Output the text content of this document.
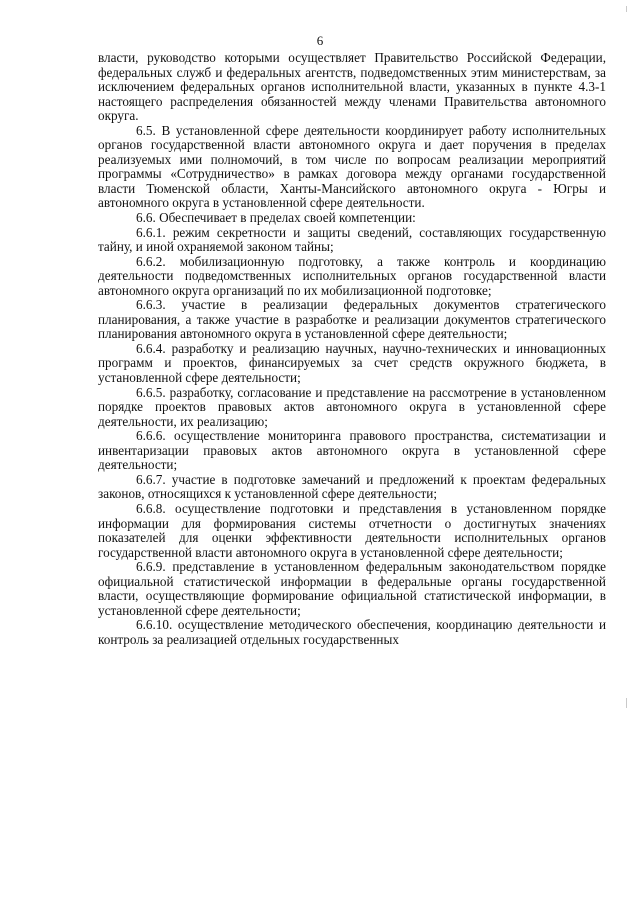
6

власти, руководство которыми осуществляет Правительство Российской Федерации, федеральных служб и федеральных агентств, подведомственных этим министерствам, за исключением федеральных органов исполнительной власти, указанных в пункте 4.3-1 настоящего распределения обязанностей между членами Правительства автономного округа.

6.5. В установленной сфере деятельности координирует работу исполнительных органов государственной власти автономного округа и дает поручения в пределах реализуемых ими полномочий, в том числе по вопросам реализации мероприятий программы «Сотрудничество» в рамках договора между органами государственной власти Тюменской области, Ханты-Мансийского автономного округа - Югры и автономного округа в установленной сфере деятельности.

6.6. Обеспечивает в пределах своей компетенции:

6.6.1. режим секретности и защиты сведений, составляющих государственную тайну, и иной охраняемой законом тайны;

6.6.2. мобилизационную подготовку, а также контроль и координацию деятельности подведомственных исполнительных органов государственной власти автономного округа организаций по их мобилизационной подготовке;

6.6.3. участие в реализации федеральных документов стратегического планирования, а также участие в разработке и реализации документов стратегического планирования автономного округа в установленной сфере деятельности;

6.6.4. разработку и реализацию научных, научно-технических и инновационных программ и проектов, финансируемых за счет средств окружного бюджета, в установленной сфере деятельности;

6.6.5. разработку, согласование и представление на рассмотрение в установленном порядке проектов правовых актов автономного округа в установленной сфере деятельности, их реализацию;

6.6.6. осуществление мониторинга правового пространства, систематизации и инвентаризации правовых актов автономного округа в установленной сфере деятельности;

6.6.7. участие в подготовке замечаний и предложений к проектам федеральных законов, относящихся к установленной сфере деятельности;

6.6.8. осуществление подготовки и представления в установленном порядке информации для формирования системы отчетности о достигнутых значениях показателей для оценки эффективности деятельности исполнительных органов государственной власти автономного округа в установленной сфере деятельности;

6.6.9. представление в установленном федеральным законодательством порядке официальной статистической информации в федеральные органы государственной власти, осуществляющие формирование официальной статистической информации, в установленной сфере деятельности;

6.6.10. осуществление методического обеспечения, координацию деятельности и контроль за реализацией отдельных государственных
